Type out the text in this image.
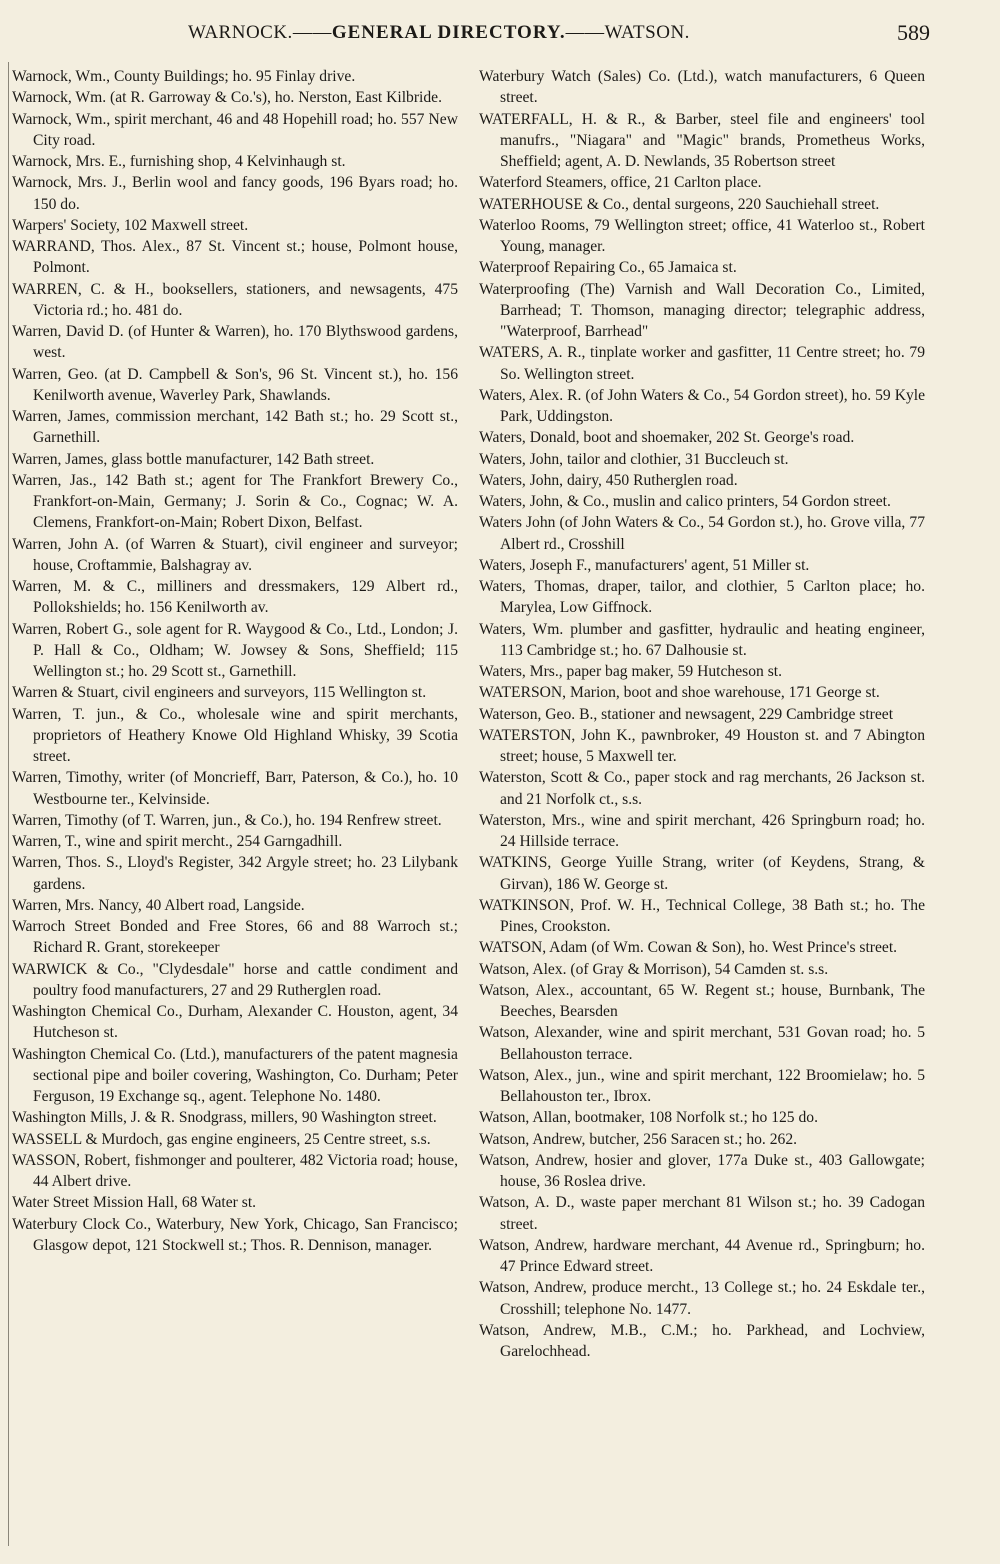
WARNOCK.——GENERAL DIRECTORY.——WATSON.	589

Warnock, Wm., County Buildings; ho. 95 Finlay drive.

Warnock, Wm. (at R. Garroway & Co.'s), ho. Nerston, East Kilbride.

Warnock, Wm., spirit merchant, 46 and 48 Hopehill road; ho. 557 New City road.

Warnock, Mrs. E., furnishing shop, 4 Kelvinhaugh st.

Warnock, Mrs. J., Berlin wool and fancy goods, 196 Byars road; ho. 150 do.

Warpers' Society, 102 Maxwell street.

WARRAND, Thos. Alex., 87 St. Vincent st.; house, Polmont house, Polmont.

WARREN, C. & H., booksellers, stationers, and newsagents, 475 Victoria rd.; ho. 481 do.

Warren, David D. (of Hunter & Warren), ho. 170 Blythswood gardens, west.

Warren, Geo. (at D. Campbell & Son's, 96 St. Vincent st.), ho. 156 Kenilworth avenue, Waverley Park, Shawlands.

Warren, James, commission merchant, 142 Bath st.; ho. 29 Scott st., Garnethill.

Warren, James, glass bottle manufacturer, 142 Bath street.

Warren, Jas., 142 Bath st.; agent for The Frankfort Brewery Co., Frankfort-on-Main, Germany; J. Sorin & Co., Cognac; W. A. Clemens, Frankfort-on-Main; Robert Dixon, Belfast.

Warren, John A. (of Warren & Stuart), civil engineer and surveyor; house, Croftammie, Balshagray av.

Warren, M. & C., milliners and dressmakers, 129 Albert rd., Pollokshields; ho. 156 Kenilworth av.

Warren, Robert G., sole agent for R. Waygood & Co., Ltd., London; J. P. Hall & Co., Oldham; W. Jowsey & Sons, Sheffield; 115 Wellington st.; ho. 29 Scott st., Garnethill.

Warren & Stuart, civil engineers and surveyors, 115 Wellington st.

Warren, T. jun., & Co., wholesale wine and spirit merchants, proprietors of Heathery Knowe Old Highland Whisky, 39 Scotia street.

Warren, Timothy, writer (of Moncrieff, Barr, Paterson, & Co.), ho. 10 Westbourne ter., Kelvinside.

Warren, Timothy (of T. Warren, jun., & Co.), ho. 194 Renfrew street.

Warren, T., wine and spirit mercht., 254 Garngadhill.

Warren, Thos. S., Lloyd's Register, 342 Argyle street; ho. 23 Lilybank gardens.

Warren, Mrs. Nancy, 40 Albert road, Langside.

Warroch Street Bonded and Free Stores, 66 and 88 Warroch st.; Richard R. Grant, storekeeper

WARWICK & Co., "Clydesdale" horse and cattle condiment and poultry food manufacturers, 27 and 29 Rutherglen road.

Washington Chemical Co., Durham, Alexander C. Houston, agent, 34 Hutcheson st.

Washington Chemical Co. (Ltd.), manufacturers of the patent magnesia sectional pipe and boiler covering, Washington, Co. Durham; Peter Ferguson, 19 Exchange sq., agent. Telephone No. 1480.

Washington Mills, J. & R. Snodgrass, millers, 90 Washington street.

WASSELL & Murdoch, gas engine engineers, 25 Centre street, s.s.

WASSON, Robert, fishmonger and poulterer, 482 Victoria road; house, 44 Albert drive.

Water Street Mission Hall, 68 Water st.

Waterbury Clock Co., Waterbury, New York, Chicago, San Francisco; Glasgow depot, 121 Stockwell st.; Thos. R. Dennison, manager.

Waterbury Watch (Sales) Co. (Ltd.), watch manufacturers, 6 Queen street.

WATERFALL, H. & R., & Barber, steel file and engineers' tool manufrs., "Niagara" and "Magic" brands, Prometheus Works, Sheffield; agent, A. D. Newlands, 35 Robertson street

Waterford Steamers, office, 21 Carlton place.

WATERHOUSE & Co., dental surgeons, 220 Sauchiehall street.

Waterloo Rooms, 79 Wellington street; office, 41 Waterloo st., Robert Young, manager.

Waterproof Repairing Co., 65 Jamaica st.

Waterproofing (The) Varnish and Wall Decoration Co., Limited, Barrhead; T. Thomson, managing director; telegraphic address, "Waterproof, Barrhead"

WATERS, A. R., tinplate worker and gasfitter, 11 Centre street; ho. 79 So. Wellington street.

Waters, Alex. R. (of John Waters & Co., 54 Gordon street), ho. 59 Kyle Park, Uddingston.

Waters, Donald, boot and shoemaker, 202 St. George's road.

Waters, John, tailor and clothier, 31 Buccleuch st.

Waters, John, dairy, 450 Rutherglen road.

Waters, John, & Co., muslin and calico printers, 54 Gordon street.

Waters John (of John Waters & Co., 54 Gordon st.), ho. Grove villa, 77 Albert rd., Crosshill

Waters, Joseph F., manufacturers' agent, 51 Miller st.

Waters, Thomas, draper, tailor, and clothier, 5 Carlton place; ho. Marylea, Low Giffnock.

Waters, Wm. plumber and gasfitter, hydraulic and heating engineer, 113 Cambridge st.; ho. 67 Dalhousie st.

Waters, Mrs., paper bag maker, 59 Hutcheson st.

WATERSON, Marion, boot and shoe warehouse, 171 George st.

Waterson, Geo. B., stationer and newsagent, 229 Cambridge street

WATERSTON, John K., pawnbroker, 49 Houston st. and 7 Abington street; house, 5 Maxwell ter.

Waterston, Scott & Co., paper stock and rag merchants, 26 Jackson st. and 21 Norfolk ct., s.s.

Waterston, Mrs., wine and spirit merchant, 426 Springburn road; ho. 24 Hillside terrace.

WATKINS, George Yuille Strang, writer (of Keydens, Strang, & Girvan), 186 W. George st.

WATKINSON, Prof. W. H., Technical College, 38 Bath st.; ho. The Pines, Crookston.

WATSON, Adam (of Wm. Cowan & Son), ho. West Prince's street.

Watson, Alex. (of Gray & Morrison), 54 Camden st. s.s.

Watson, Alex., accountant, 65 W. Regent st.; house, Burnbank, The Beeches, Bearsden

Watson, Alexander, wine and spirit merchant, 531 Govan road; ho. 5 Bellahouston terrace.

Watson, Alex., jun., wine and spirit merchant, 122 Broomielaw; ho. 5 Bellahouston ter., Ibrox.

Watson, Allan, bootmaker, 108 Norfolk st.; ho 125 do.

Watson, Andrew, butcher, 256 Saracen st.; ho. 262.

Watson, Andrew, hosier and glover, 177a Duke st., 403 Gallowgate; house, 36 Roslea drive.

Watson, A. D., waste paper merchant 81 Wilson st.; ho. 39 Cadogan street.

Watson, Andrew, hardware merchant, 44 Avenue rd., Springburn; ho. 47 Prince Edward street.

Watson, Andrew, produce mercht., 13 College st.; ho. 24 Eskdale ter., Crosshill; telephone No. 1477.

Watson, Andrew, M.B., C.M.; ho. Parkhead, and Lochview, Garelochhead.
